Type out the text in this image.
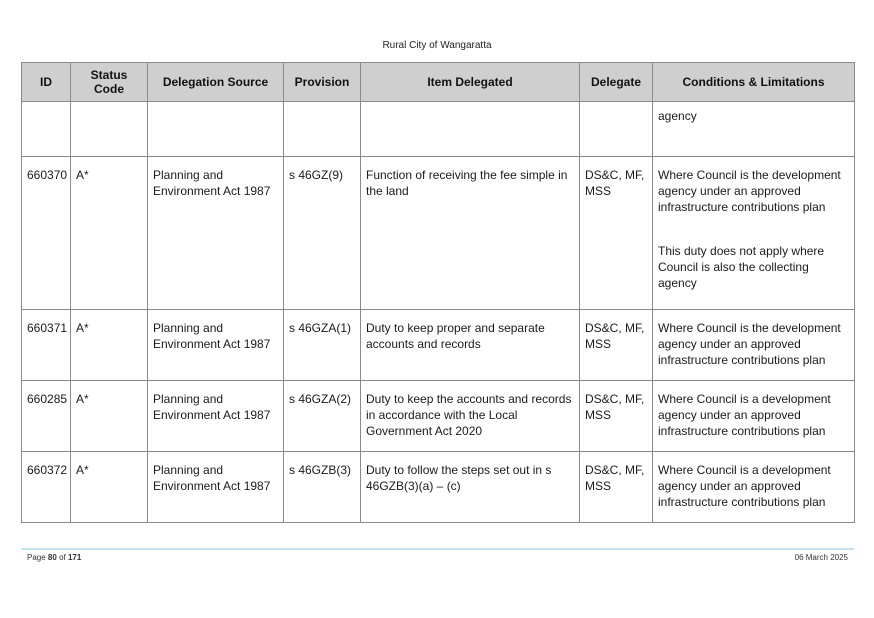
Rural City of Wangaratta
ID	Status Code	Delegation Source	Provision	Item Delegated	Delegate	Conditions & Limitations

						agency

660370	A*	Planning and Environment Act 1987	s 46GZ(9)	Function of receiving the fee simple in the land	DS&C, MF, MSS	Where Council is the development agency under an approved infrastructure contributions plan

This duty does not apply where Council is also the collecting agency

660371	A*	Planning and Environment Act 1987	s 46GZA(1)	Duty to keep proper and separate accounts and records	DS&C, MF, MSS	Where Council is the development agency under an approved infrastructure contributions plan

660285	A*	Planning and Environment Act 1987	s 46GZA(2)	Duty to keep the accounts and records in accordance with the Local Government Act 2020	DS&C, MF, MSS	Where Council is a development agency under an approved infrastructure contributions plan

660372	A*	Planning and Environment Act 1987	s 46GZB(3)	Duty to follow the steps set out in s 46GZB(3)(a) – (c)	DS&C, MF, MSS	Where Council is a development agency under an approved infrastructure contributions plan

Page 80 of 171	06 March 2025
